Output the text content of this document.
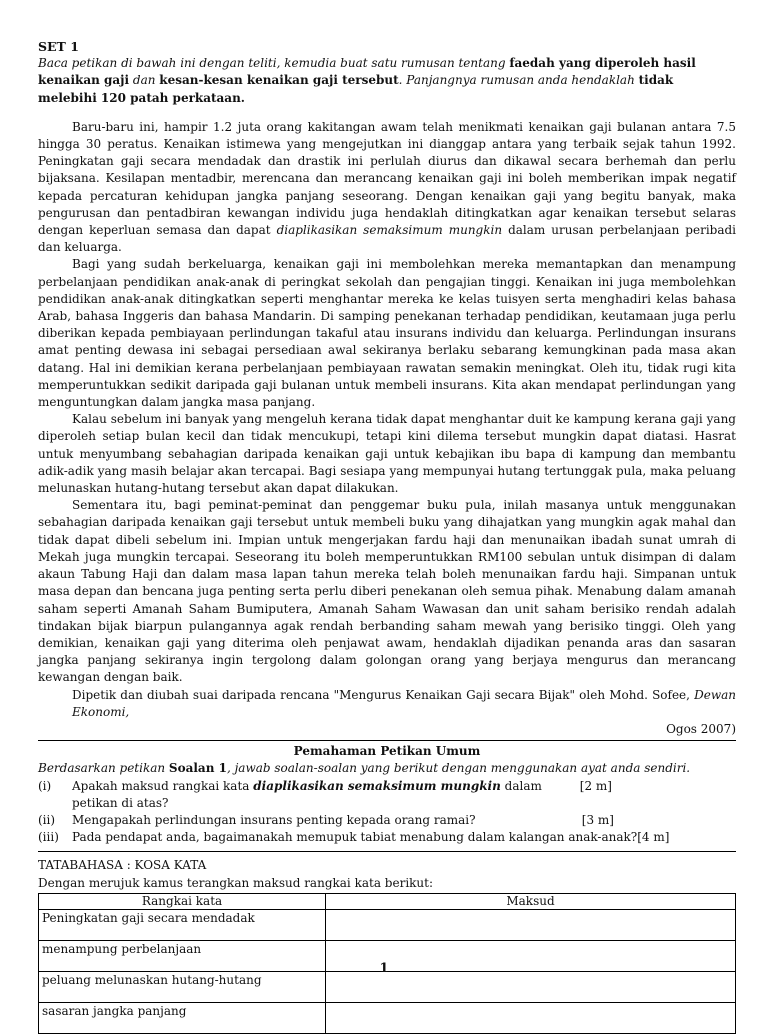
SET 1
Baca petikan di bawah ini dengan teliti, kemudia buat satu rumusan tentang faedah yang diperoleh hasil kenaikan gaji dan kesan-kesan kenaikan gaji tersebut. Panjangnya rumusan anda hendaklah tidak melebihi 120 patah perkataan.

Baru-baru ini, hampir 1.2 juta orang kakitangan awam telah menikmati kenaikan gaji bulanan antara 7.5 hingga 30 peratus. Kenaikan istimewa yang mengejutkan ini dianggap antara yang terbaik sejak tahun 1992. Peningkatan gaji secara mendadak dan drastik ini perlulah diurus dan dikawal secara berhemah dan perlu bijaksana. Kesilapan mentadbir, merencana dan merancang kenaikan gaji ini boleh memberikan impak negatif kepada percaturan kehidupan jangka panjang seseorang. Dengan kenaikan gaji yang begitu banyak, maka pengurusan dan pentadbiran kewangan individu juga hendaklah ditingkatkan agar kenaikan tersebut selaras dengan keperluan semasa dan dapat diaplikasikan semaksimum mungkin dalam urusan perbelanjaan peribadi dan keluarga.

Bagi yang sudah berkeluarga, kenaikan gaji ini membolehkan mereka memantapkan dan menampung perbelanjaan pendidikan anak-anak di peringkat sekolah dan pengajian tinggi. Kenaikan ini juga membolehkan pendidikan anak-anak ditingkatkan seperti menghantar mereka ke kelas tuisyen serta menghadiri kelas bahasa Arab, bahasa Inggeris dan bahasa Mandarin. Di samping penekanan terhadap pendidikan, keutamaan juga perlu diberikan kepada pembiayaan perlindungan takaful atau insurans individu dan keluarga. Perlindungan insurans amat penting dewasa ini sebagai persediaan awal sekiranya berlaku sebarang kemungkinan pada masa akan datang. Hal ini demikian kerana perbelanjaan pembiayaan rawatan semakin meningkat. Oleh itu, tidak rugi kita memperuntukkan sedikit daripada gaji bulanan untuk membeli insurans. Kita akan mendapat perlindungan yang menguntungkan dalam jangka masa panjang.

Kalau sebelum ini banyak yang mengeluh kerana tidak dapat menghantar duit ke kampung kerana gaji yang diperoleh setiap bulan kecil dan tidak mencukupi, tetapi kini dilema tersebut mungkin dapat diatasi. Hasrat untuk menyumbang sebahagian daripada kenaikan gaji untuk kebajikan ibu bapa di kampung dan membantu adik-adik yang masih belajar akan tercapai. Bagi sesiapa yang mempunyai hutang tertunggak pula, maka peluang melunaskan hutang-hutang tersebut akan dapat dilakukan.

Sementara itu, bagi peminat-peminat dan penggemar buku pula, inilah masanya untuk menggunakan sebahagian daripada kenaikan gaji tersebut untuk membeli buku yang dihajatkan yang mungkin agak mahal dan tidak dapat dibeli sebelum ini. Impian untuk mengerjakan fardu haji dan menunaikan ibadah sunat umrah di Mekah juga mungkin tercapai. Seseorang itu boleh memperuntukkan RM100 sebulan untuk disimpan di dalam akaun Tabung Haji dan dalam masa lapan tahun mereka telah boleh menunaikan fardu haji. Simpanan untuk masa depan dan bencana juga penting serta perlu diberi penekanan oleh semua pihak. Menabung dalam amanah saham seperti Amanah Saham Bumiputera, Amanah Saham Wawasan dan unit saham berisiko rendah adalah tindakan bijak biarpun pulangannya agak rendah berbanding saham mewah yang berisiko tinggi. Oleh yang demikian, kenaikan gaji yang diterima oleh penjawat awam, hendaklah dijadikan penanda aras dan sasaran jangka panjang sekiranya ingin tergolong dalam golongan orang yang berjaya mengurus dan merancang kewangan dengan baik.

Dipetik dan diubah suai daripada rencana "Mengurus Kenaikan Gaji secara Bijak" oleh Mohd. Sofee, Dewan Ekonomi,

Ogos 2007)

Pemahaman Petikan Umum
Berdasarkan petikan Soalan 1, jawab soalan-soalan yang berikut dengan menggunakan ayat anda sendiri.
(i)	Apakah maksud rangkai kata diaplikasikan semaksimum mungkin dalam petikan di atas?
[2 m]
(ii)	Mengapakah perlindungan insurans penting kepada orang ramai?	[3 m]
(iii)	Pada pendapat anda, bagaimanakah memupuk tabiat menabung dalam kalangan anak-anak? [4 m]
TATABAHASA : KOSA KATA
Dengan merujuk kamus terangkan maksud rangkai kata berikut:
Rangkai kata	Maksud
Peningkatan gaji secara mendadak	
menampung perbelanjaan	
peluang melunaskan hutang-hutang	
sasaran jangka panjang	
1
